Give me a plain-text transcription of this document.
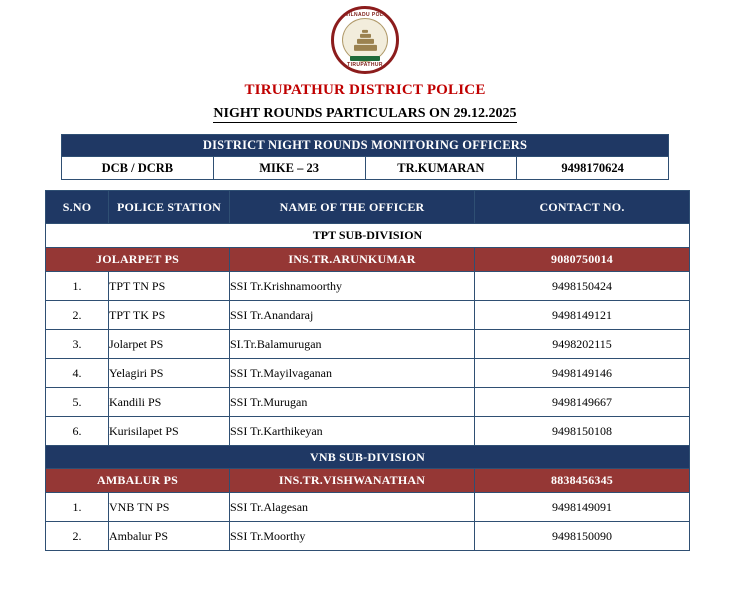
TAMILNADU POLICE
TIRUPATHUR
TIRUPATHUR DISTRICT POLICE
NIGHT ROUNDS PARTICULARS ON 29.12.2025
DISTRICT NIGHT ROUNDS MONITORING OFFICERS
DCB / DCRB	MIKE – 23	TR.KUMARAN	9498170624
S.NO	POLICE STATION	NAME OF THE OFFICER	CONTACT NO.
TPT SUB-DIVISION			
JOLARPET PS		INS.TR.ARUNKUMAR	9080750014
1.	TPT TN PS	SSI Tr.Krishnamoorthy	9498150424
2.	TPT TK PS	SSI Tr.Anandaraj	9498149121
3.	Jolarpet PS	SI.Tr.Balamurugan	9498202115
4.	Yelagiri PS	SSI Tr.Mayilvaganan	9498149146
5.	Kandili PS	SSI Tr.Murugan	9498149667
6.	Kurisilapet PS	SSI Tr.Karthikeyan	9498150108
VNB SUB-DIVISION			
AMBALUR PS		INS.TR.VISHWANATHAN	8838456345
1.	VNB TN PS	SSI Tr.Alagesan	9498149091
2.	Ambalur PS	SSI Tr.Moorthy	9498150090
